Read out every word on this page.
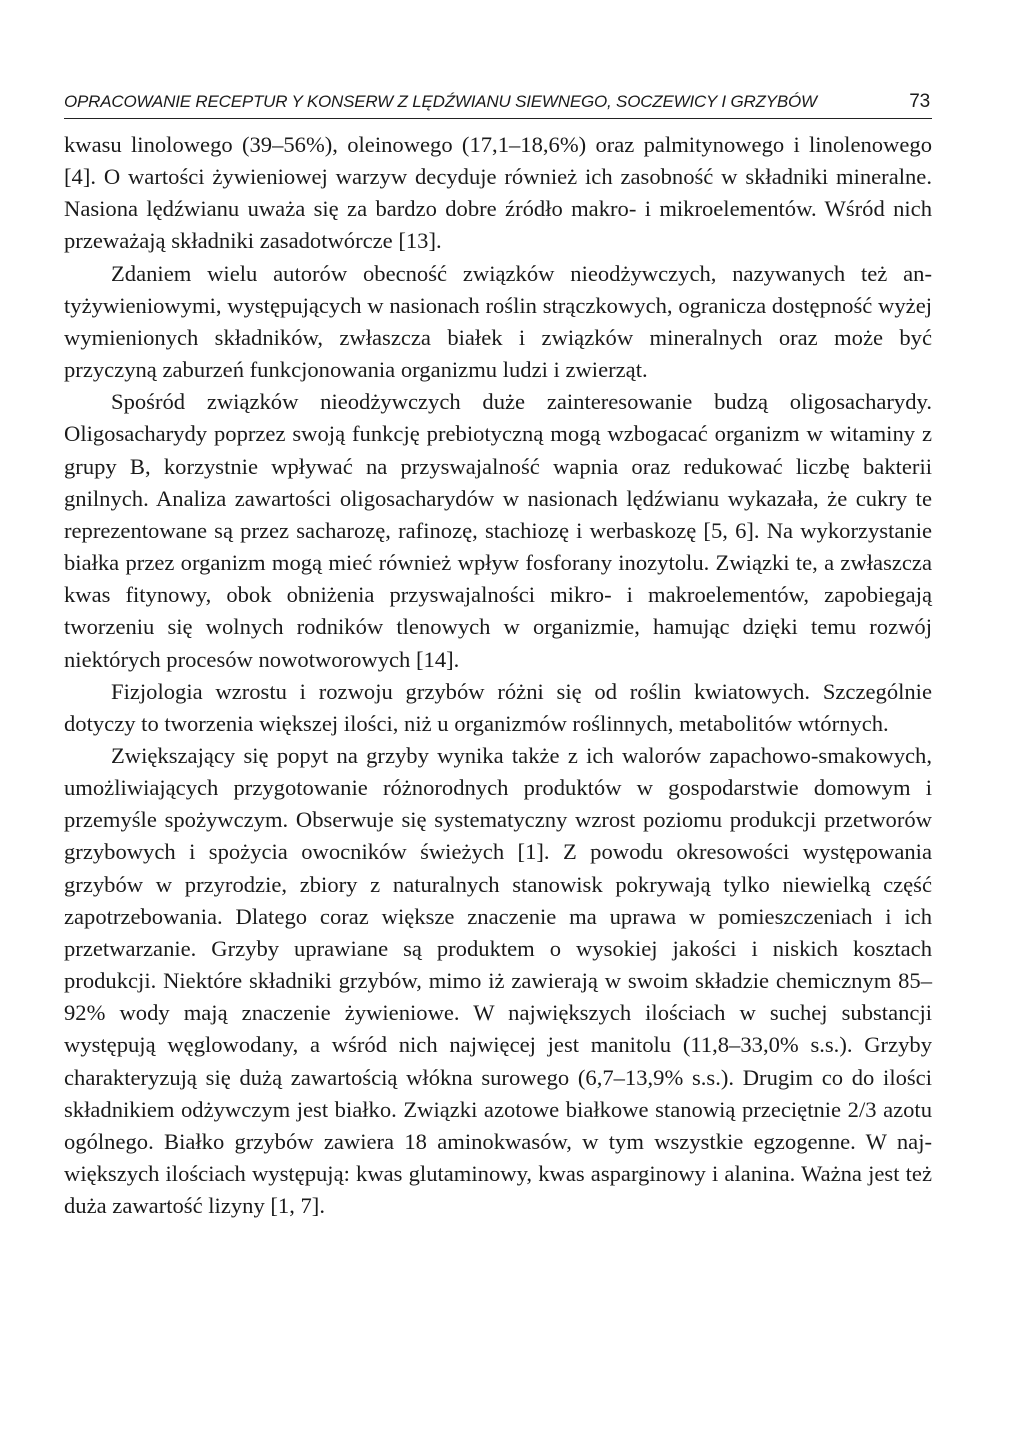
OPRACOWANIE RECEPTUR Y KONSERW Z LĘDŹWIANU SIEWNEGO, SOCZEWICY I GRZYBÓW	73

kwasu linolowego (39–56%), oleinowego (17,1–18,6%) oraz palmitynowego i linolenowego [4]. O wartości żywieniowej warzyw decyduje również ich zasobność w składniki mineralne. Nasiona lędźwianu uważa się za bardzo dobre źródło makro- i mikroelementów. Wśród nich przeważają składniki zasadotwórcze [13].

Zdaniem wielu autorów obecność związków nieodżywczych, nazywanych też antyżywieniowymi, występujących w nasionach roślin strączkowych, ogranicza dostępność wyżej wymienionych składników, zwłaszcza białek i związków mineralnych oraz może być przyczyną zaburzeń funkcjonowania organizmu ludzi i zwierząt.

Spośród związków nieodżywczych duże zainteresowanie budzą oligosacharydy. Oligosacharydy poprzez swoją funkcję prebiotyczną mogą wzbogacać organizm w witaminy z grupy B, korzystnie wpływać na przyswajalność wapnia oraz redukować liczbę bakterii gnilnych. Analiza zawartości oligosacharydów w nasionach lędźwianu wykazała, że cukry te reprezentowane są przez sacharozę, rafinozę, stachiozę i werbaskozę [5, 6]. Na wykorzystanie białka przez organizm mogą mieć również wpływ fosforany inozytolu. Związki te, a zwłaszcza kwas fitynowy, obok obniżenia przyswajalności mikro- i makroelementów, zapobiegają tworzeniu się wolnych rodników tlenowych w organizmie, hamując dzięki temu rozwój niektórych procesów nowotworowych [14].

Fizjologia wzrostu i rozwoju grzybów różni się od roślin kwiatowych. Szczególnie dotyczy to tworzenia większej ilości, niż u organizmów roślinnych, metabolitów wtórnych.

Zwiększający się popyt na grzyby wynika także z ich walorów zapachowo-smakowych, umożliwiających przygotowanie różnorodnych produktów w gospodarstwie domowym i przemyśle spożywczym. Obserwuje się systematyczny wzrost poziomu produkcji przetworów grzybowych i spożycia owocników świeżych [1]. Z powodu okresowości występowania grzybów w przyrodzie, zbiory z naturalnych stanowisk pokrywają tylko niewielką część zapotrzebowania. Dlatego coraz większe znaczenie ma uprawa w pomieszczeniach i ich przetwarzanie. Grzyby uprawiane są produktem o wysokiej jakości i niskich kosztach produkcji. Niektóre składniki grzybów, mimo iż zawierają w swoim składzie chemicznym 85–92% wody mają znaczenie żywieniowe. W największych ilościach w suchej substancji występują węglowodany, a wśród nich najwięcej jest manitolu (11,8–33,0% s.s.). Grzyby charakteryzują się dużą zawartością włókna surowego (6,7–13,9% s.s.). Drugim co do ilości składnikiem odżywczym jest białko. Związki azotowe białkowe stanowią przeciętnie 2/3 azotu ogólnego. Białko grzybów zawiera 18 aminokwasów, w tym wszystkie egzogenne. W największych ilościach występują: kwas glutaminowy, kwas asparginowy i alanina. Ważna jest też duża zawartość lizyny [1, 7].
